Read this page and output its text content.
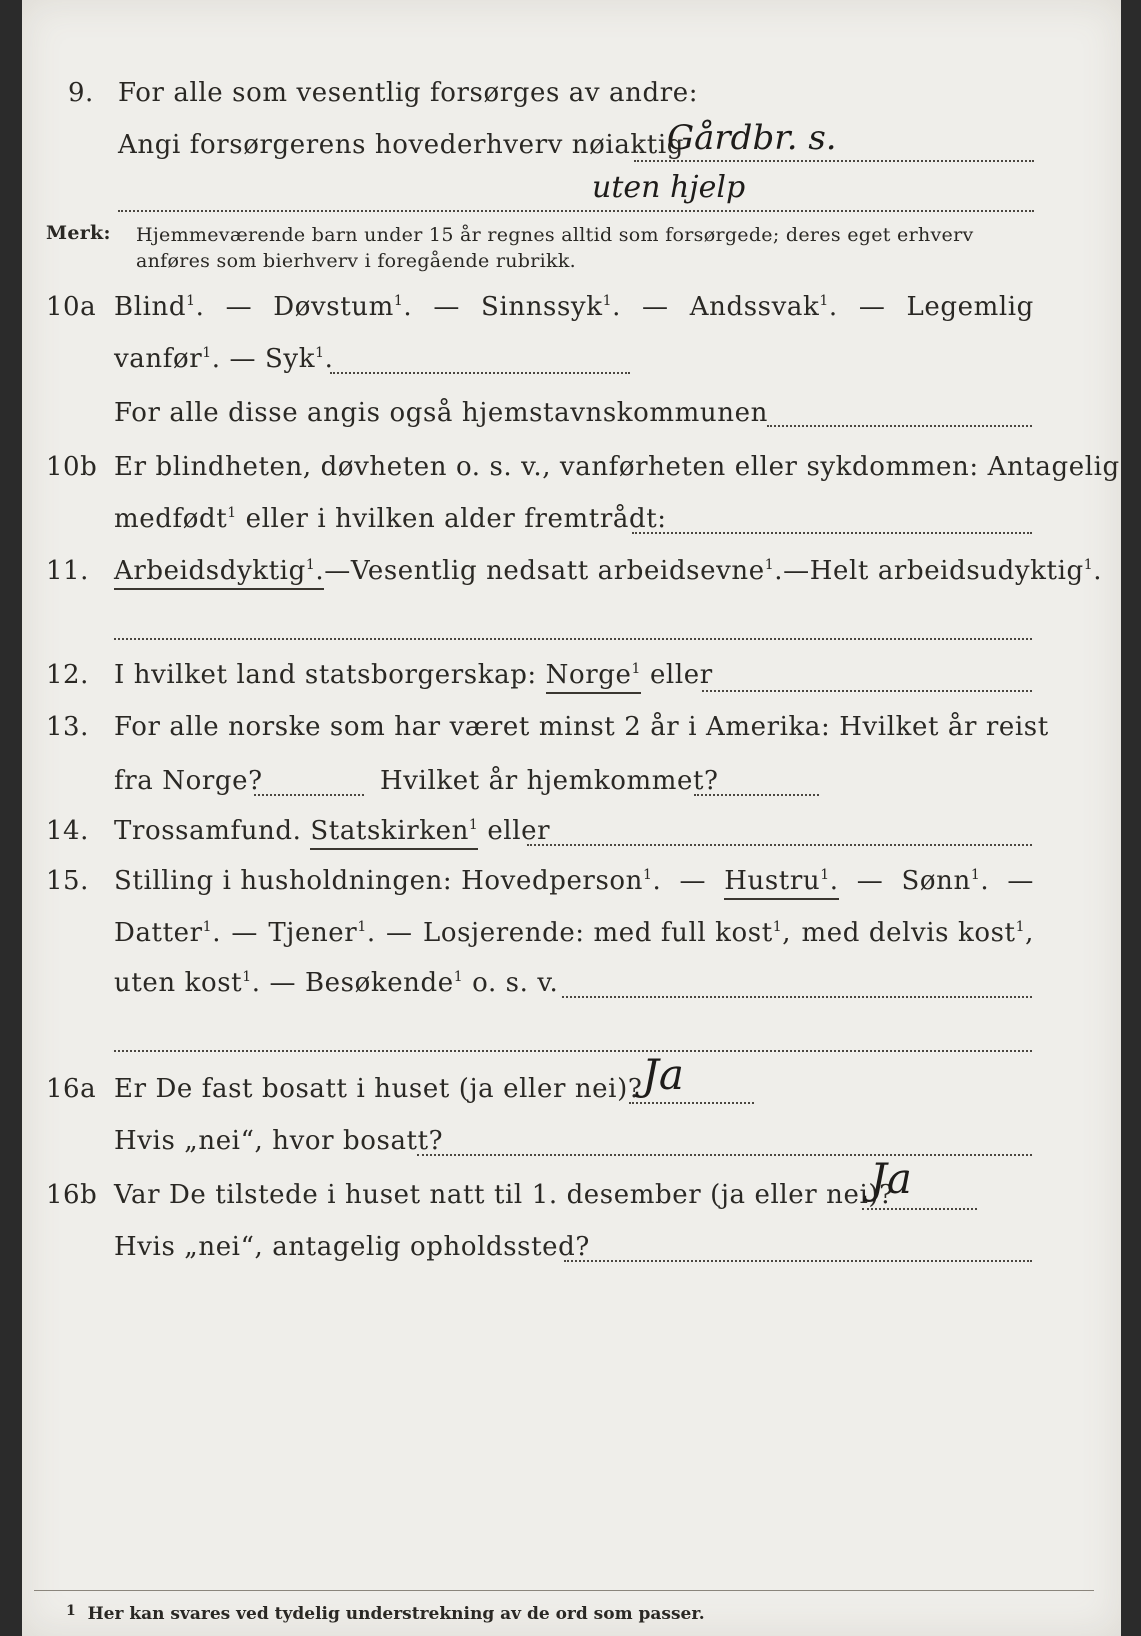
9. For alle som vesentlig forsørges av andre:
Angi forsørgerens hovederhverv nøiaktig
Gårdbr. s.
uten hjelp
Merk: Hjemmeværende barn under 15 år regnes alltid som forsørgede; deres eget erhverv
anføres som bierhverv i foregående rubrikk.
10a Blind$^1$. — Døvstum$^1$. — Sinnssyk$^1$. — Andssvak$^1$. — Legemlig
vanfør$^1$. — Syk$^1$.
For alle disse angis også hjemstavnskommunen
10b Er blindheten, døvheten o. s. v., vanførheten eller sykdommen: Antagelig
medfødt$^1$ eller i hvilken alder fremtrådt:
11. Arbeidsdyktig$^1$. — Vesentlig nedsatt arbeidsevne$^1$. — Helt arbeidsudyktig$^1$.
12. I hvilket land statsborgerskap: Norge$^1$ eller
13. For alle norske som har været minst 2 år i Amerika: Hvilket år reist
fra Norge?	Hvilket år hjemkommet?
14. Trossamfund. Statskirken$^1$ eller
15. Stilling i husholdningen: Hovedperson$^1$. — Hustru$^1$. — Sønn$^1$. —
Datter$^1$. — Tjener$^1$. — Losjerende: med full kost$^1$, med delvis kost$^1$,
uten kost$^1$. — Besøkende$^1$ o. s. v.
16a Er De fast bosatt i huset (ja eller nei)? Ja
Hvis „nei“, hvor bosatt?
16b Var De tilstede i huset natt til 1. desember (ja eller nei)?
Ja
Hvis „nei“, antagelig opholdssted?
$^1$ Her kan svares ved tydelig understrekning av de ord som passer.
